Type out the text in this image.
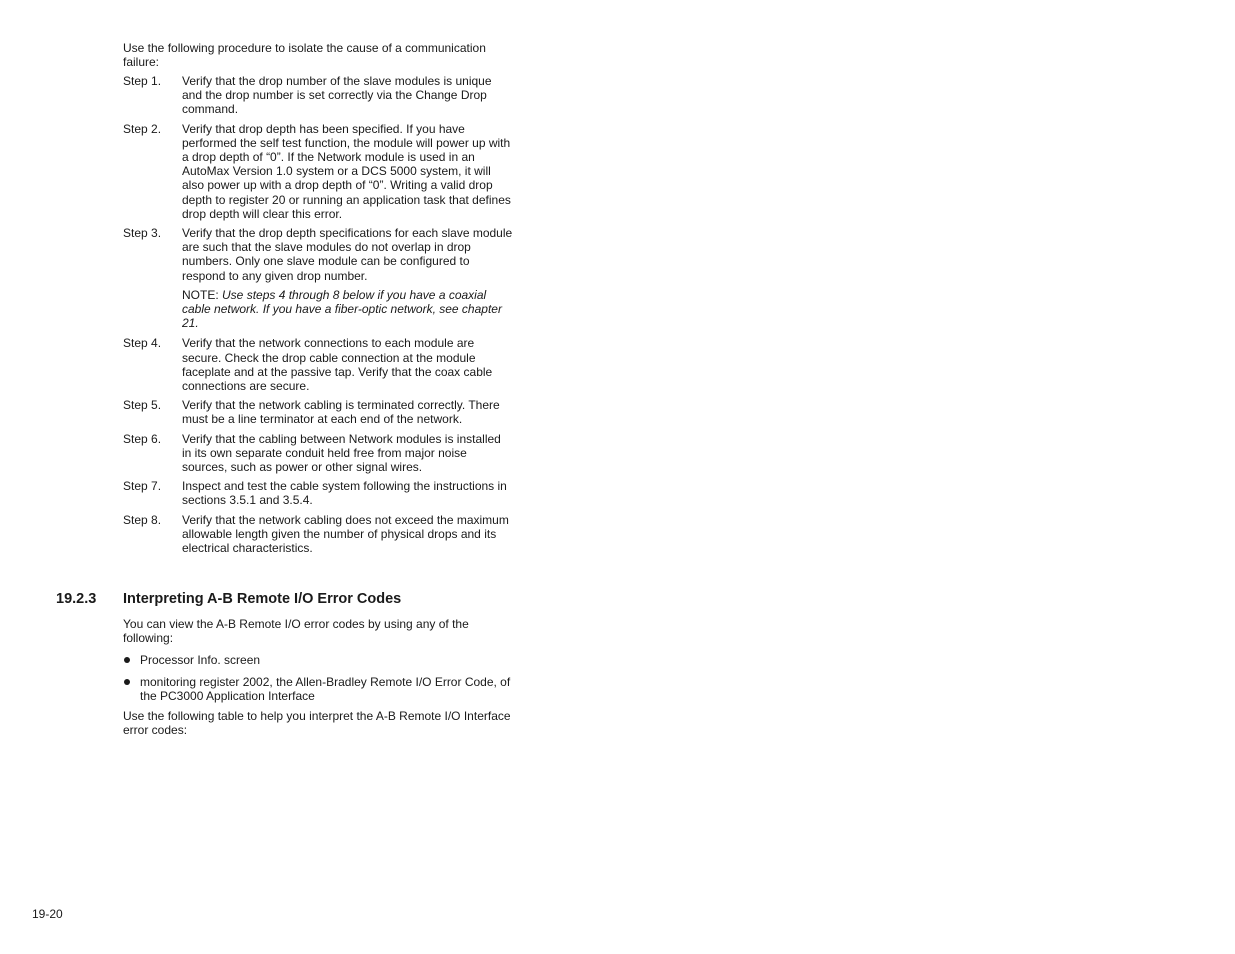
Use the following procedure to isolate the cause of a communication failure:
Step 1.	Verify that the drop number of the slave modules is unique and the drop number is set correctly via the Change Drop command.
Step 2.	Verify that drop depth has been specified. If you have performed the self test function, the module will power up with a drop depth of “0”. If the Network module is used in an AutoMax Version 1.0 system or a DCS 5000 system, it will also power up with a drop depth of “0”. Writing a valid drop depth to register 20 or running an application task that defines drop depth will clear this error.
Step 3.	Verify that the drop depth specifications for each slave module are such that the slave modules do not overlap in drop numbers. Only one slave module can be configured to respond to any given drop number.
NOTE: Use steps 4 through 8 below if you have a coaxial cable network. If you have a fiber-optic network, see chapter 21.
Step 4.	Verify that the network connections to each module are secure. Check the drop cable connection at the module faceplate and at the passive tap. Verify that the coax cable connections are secure.
Step 5.	Verify that the network cabling is terminated correctly. There must be a line terminator at each end of the network.
Step 6.	Verify that the cabling between Network modules is installed in its own separate conduit held free from major noise sources, such as power or other signal wires.
Step 7.	Inspect and test the cable system following the instructions in sections 3.5.1 and 3.5.4.
Step 8.	Verify that the network cabling does not exceed the maximum allowable length given the number of physical drops and its electrical characteristics.
19.2.3	Interpreting A-B Remote I/O Error Codes
You can view the A-B Remote I/O error codes by using any of the following:
Processor Info. screen
monitoring register 2002, the Allen-Bradley Remote I/O Error Code, of the PC3000 Application Interface
Use the following table to help you interpret the A-B Remote I/O Interface error codes:
19-20
